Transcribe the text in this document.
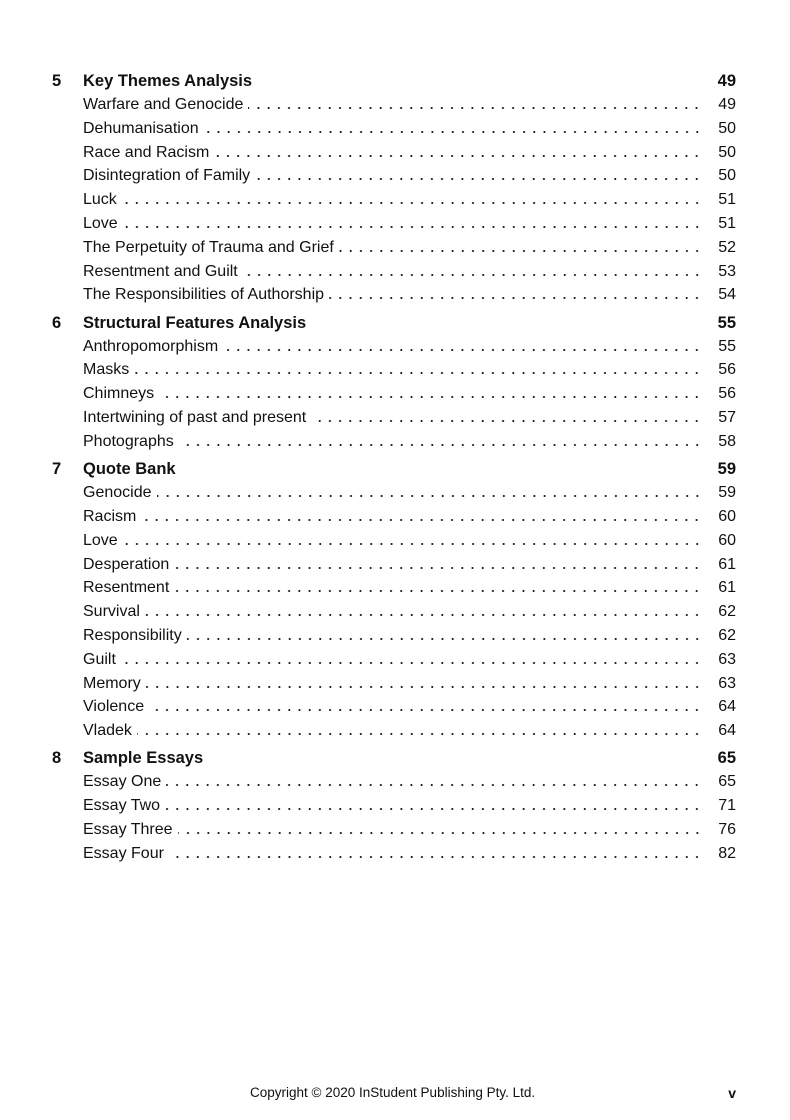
5	Key Themes Analysis	49
Warfare and Genocide	49
Dehumanisation	50
Race and Racism	50
Disintegration of Family	50
Luck	51
Love	51
The Perpetuity of Trauma and Grief	52
Resentment and Guilt	53
The Responsibilities of Authorship	54
6	Structural Features Analysis	55
Anthropomorphism	55
Masks	56
Chimneys	56
Intertwining of past and present	57
Photographs	58
7	Quote Bank	59
Genocide	59
Racism	60
Love	60
Desperation	61
Resentment	61
Survival	62
Responsibility	62
Guilt	63
Memory	63
Violence	64
Vladek	64
8	Sample Essays	65
Essay One	65
Essay Two	71
Essay Three	76
Essay Four	82
Copyright © 2020 InStudent Publishing Pty. Ltd.	v
